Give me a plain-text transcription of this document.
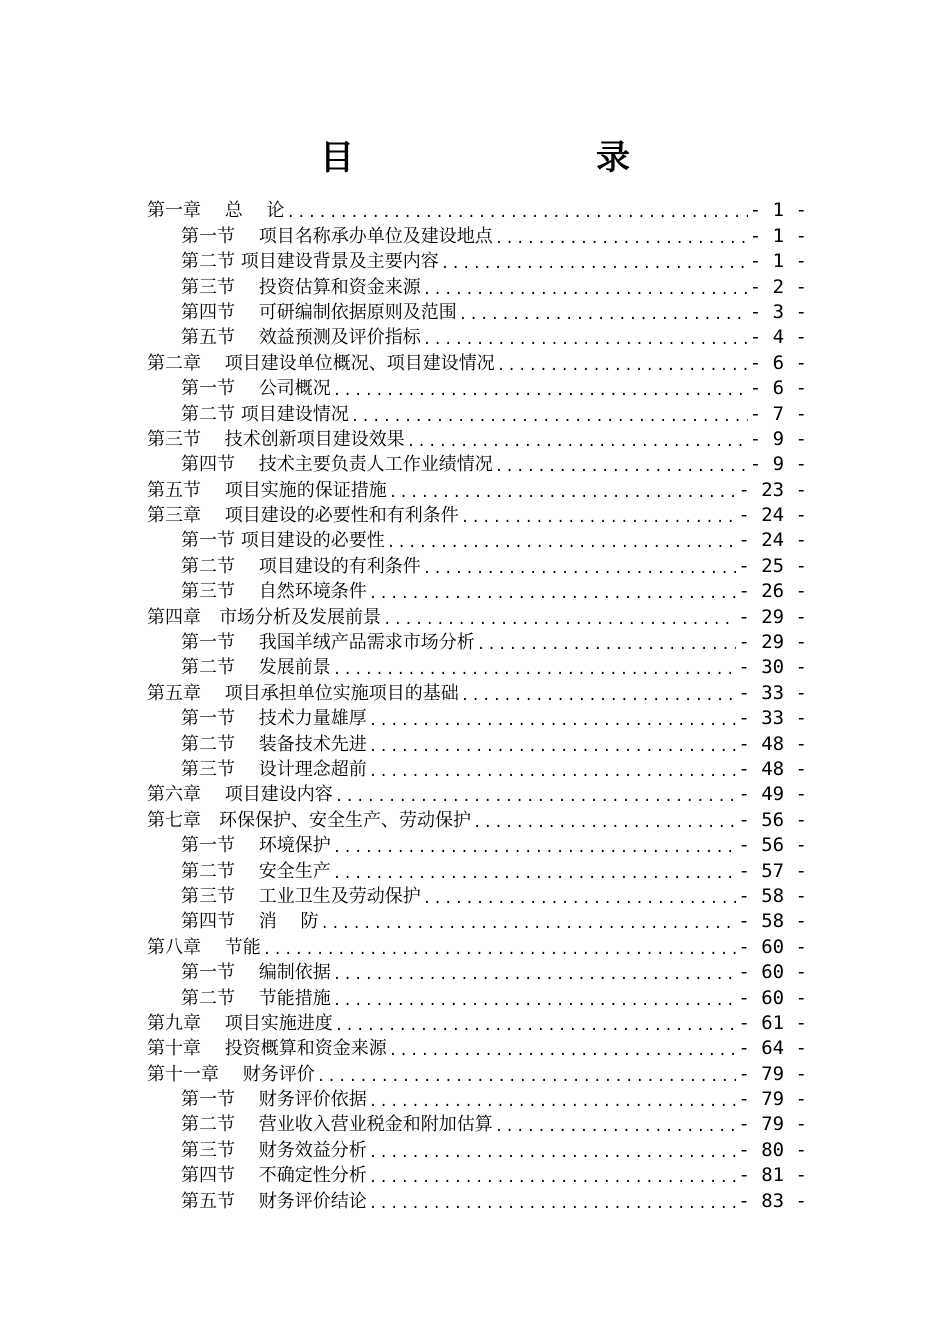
目　　录
第一章　 总　 论 .....	- 1 -
第一节　 项目名称承办单位及建设地点 .....	- 1 -
第二节 项目建设背景及主要内容 .....	- 1 -
第三节　 投资估算和资金来源 .....	- 2 -
第四节　 可研编制依据原则及范围 .....	- 3 -
第五节　 效益预测及评价指标 .....	- 4 -
第二章　 项目建设单位概况、项目建设情况 .....	- 6 -
第一节　 公司概况 .....	- 6 -
第二节 项目建设情况 .....	- 7 -
第三节　 技术创新项目建设效果 .....	- 9 -
第四节　 技术主要负责人工作业绩情况 .....	- 9 -
第五节　 项目实施的保证措施 .....	- 23 -
第三章　 项目建设的必要性和有利条件 .....	- 24 -
第一节 项目建设的必要性 .....	- 24 -
第二节　 项目建设的有利条件 .....	- 25 -
第三节　 自然环境条件 .....	- 26 -
第四章　市场分析及发展前景 .....	- 29 -
第一节　 我国羊绒产品需求市场分析 .....	- 29 -
第二节　 发展前景 .....	- 30 -
第五章　 项目承担单位实施项目的基础 .....	- 33 -
第一节　 技术力量雄厚 .....	- 33 -
第二节　 装备技术先进 .....	- 48 -
第三节　 设计理念超前 .....	- 48 -
第六章　 项目建设内容 .....	- 49 -
第七章　环保保护、安全生产、劳动保护 .....	- 56 -
第一节　 环境保护 .....	- 56 -
第二节　 安全生产 .....	- 57 -
第三节　 工业卫生及劳动保护 .....	- 58 -
第四节　 消　 防 .....	- 58 -
第八章　 节能 .....	- 60 -
第一节　 编制依据 .....	- 60 -
第二节　 节能措施 .....	- 60 -
第九章　 项目实施进度 .....	- 61 -
第十章　 投资概算和资金来源 .....	- 64 -
第十一章　 财务评价 .....	- 79 -
第一节　 财务评价依据 .....	- 79 -
第二节　 营业收入营业税金和附加估算 .....	- 79 -
第三节　 财务效益分析 .....	- 80 -
第四节　 不确定性分析 .....	- 81 -
第五节　 财务评价结论 .....	- 83 -
